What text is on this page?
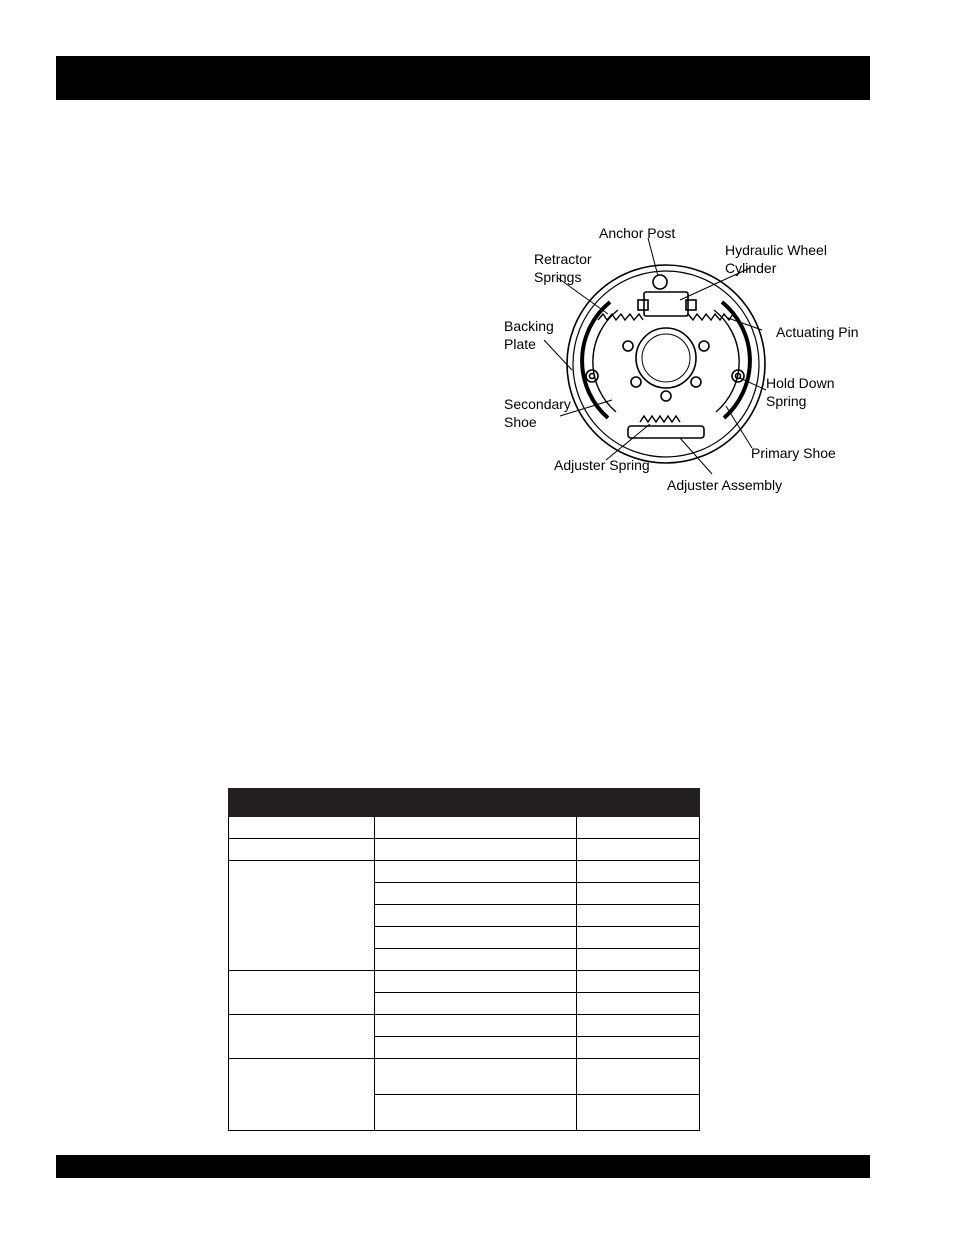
Anchor Post
Hydraulic Wheel
Cylinder
Retractor
Springs
Backing
Plate
Actuating Pin
Hold Down
Spring
Secondary
Shoe
Primary Shoe
Adjuster Spring
Adjuster Assembly
